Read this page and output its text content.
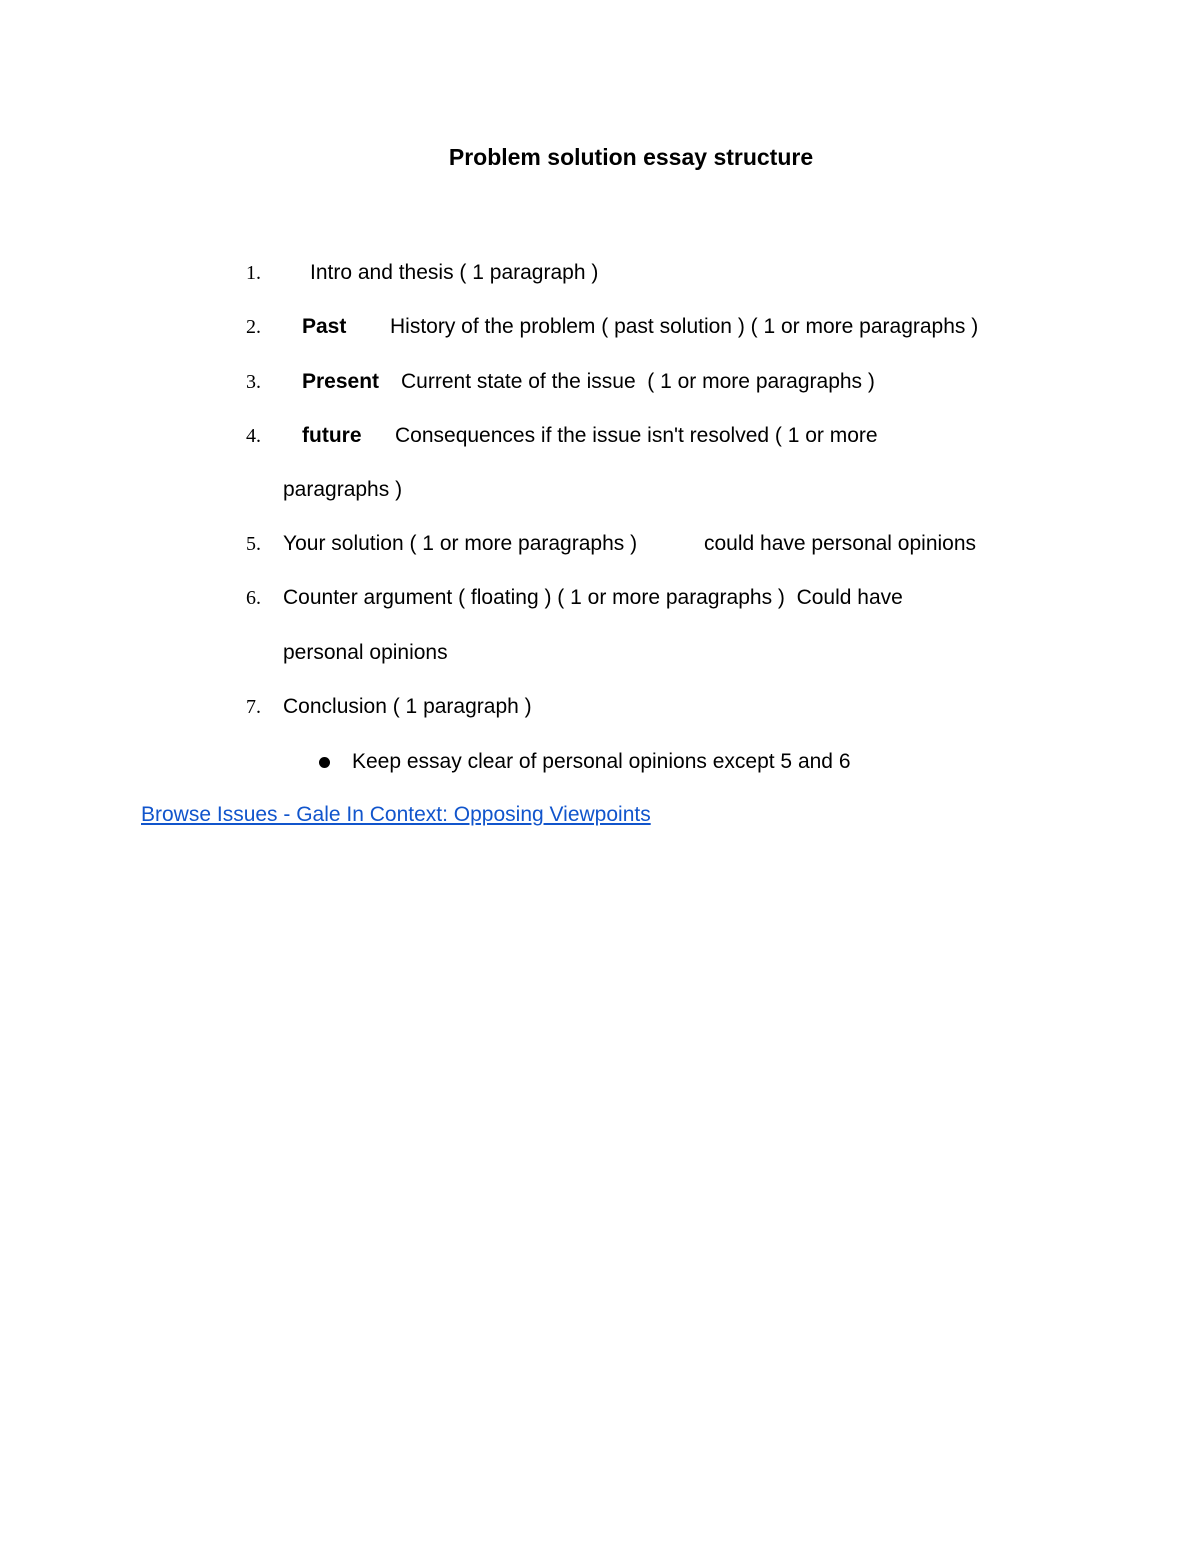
Problem solution essay structure
1. Intro and thesis ( 1 paragraph )
2. Past History of the problem ( past solution ) ( 1 or more paragraphs )
3. Present Current state of the issue  ( 1 or more paragraphs )
4. future Consequences if the issue isn't resolved ( 1 or more
paragraphs )
5. Your solution ( 1 or more paragraphs )	could have personal opinions
6. Counter argument ( floating ) ( 1 or more paragraphs )  Could have
personal opinions
7. Conclusion ( 1 paragraph )
Keep essay clear of personal opinions except 5 and 6
Browse Issues - Gale In Context: Opposing Viewpoints
